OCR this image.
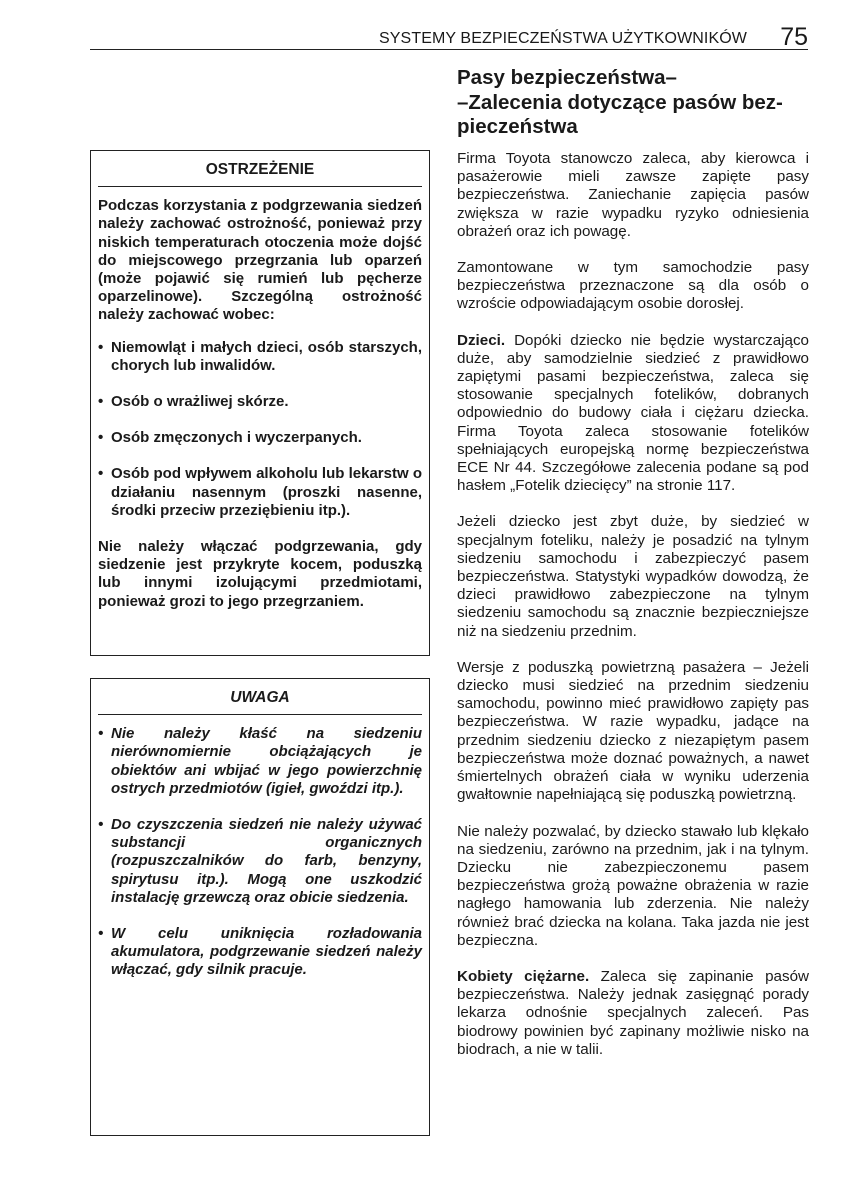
SYSTEMY BEZPIECZEŃSTWA UŻYTKOWNIKÓW 75
Pasy bezpieczeństwa–
–Zalecenia dotyczące pasów bez-
pieczeństwa
OSTRZEŻENIE

Podczas korzystania z podgrzewania siedzeń należy zachować ostrożność, ponieważ przy niskich temperaturach otoczenia może dojść do miejscowego przegrzania lub oparzeń (może pojawić się rumień lub pęcherze oparzelinowe). Szczególną ostrożność należy zachować wobec:

• Niemowląt i małych dzieci, osób starszych, chorych lub inwalidów.
• Osób o wrażliwej skórze.
• Osób zmęczonych i wyczerpanych.
• Osób pod wpływem alkoholu lub lekarstw o działaniu nasennym (proszki nasenne, środki przeciw przeziębieniu itp.).

Nie należy włączać podgrzewania, gdy siedzenie jest przykryte kocem, poduszką lub innymi izolującymi przedmiotami, ponieważ grozi to jego przegrzaniem.

UWAGA
• Nie należy kłaść na siedzeniu nierównomiernie obciążających je obiektów ani wbijać w jego powierzchnię ostrych przedmiotów (igieł, gwoździ itp.).
• Do czyszczenia siedzeń nie należy używać substancji organicznych (rozpuszczalników do farb, benzyny, spirytusu itp.). Mogą one uszkodzić instalację grzewczą oraz obicie siedzenia.
• W celu uniknięcia rozładowania akumulatora, podgrzewanie siedzeń należy włączać, gdy silnik pracuje.

Firma Toyota stanowczo zaleca, aby kierowca i pasażerowie mieli zawsze zapięte pasy bezpieczeństwa. Zaniechanie zapięcia pasów zwiększa w razie wypadku ryzyko odniesienia obrażeń oraz ich powagę.

Zamontowane w tym samochodzie pasy bezpieczeństwa przeznaczone są dla osób o wzroście odpowiadającym osobie dorosłej.

Dzieci. Dopóki dziecko nie będzie wystarczająco duże, aby samodzielnie siedzieć z prawidłowo zapiętymi pasami bezpieczeństwa, zaleca się stosowanie specjalnych fotelików, dobranych odpowiednio do budowy ciała i ciężaru dziecka. Firma Toyota zaleca stosowanie fotelików spełniających europejską normę bezpieczeństwa ECE Nr 44. Szczegółowe zalecenia podane są pod hasłem „Fotelik dziecięcy” na stronie 117.

Jeżeli dziecko jest zbyt duże, by siedzieć w specjalnym foteliku, należy je posadzić na tylnym siedzeniu samochodu i zabezpieczyć pasem bezpieczeństwa. Statystyki wypadków dowodzą, że dzieci prawidłowo zabezpieczone na tylnym siedzeniu samochodu są znacznie bezpieczniejsze niż na siedzeniu przednim.

Wersje z poduszką powietrzną pasażera – Jeżeli dziecko musi siedzieć na przednim siedzeniu samochodu, powinno mieć prawidłowo zapięty pas bezpieczeństwa. W razie wypadku, jadące na przednim siedzeniu dziecko z niezapiętym pasem bezpieczeństwa może doznać poważnych, a nawet śmiertelnych obrażeń ciała w wyniku uderzenia gwałtownie napełniającą się poduszką powietrzną.

Nie należy pozwalać, by dziecko stawało lub klękało na siedzeniu, zarówno na przednim, jak i na tylnym. Dziecku nie zabezpieczonemu pasem bezpieczeństwa grożą poważne obrażenia w razie nagłego hamowania lub zderzenia. Nie należy również brać dziecka na kolana. Taka jazda nie jest bezpieczna.

Kobiety ciężarne. Zaleca się zapinanie pasów bezpieczeństwa. Należy jednak zasięgnąć porady lekarza odnośnie specjalnych zaleceń. Pas biodrowy powinien być zapinany możliwie nisko na biodrach, a nie w talii.
